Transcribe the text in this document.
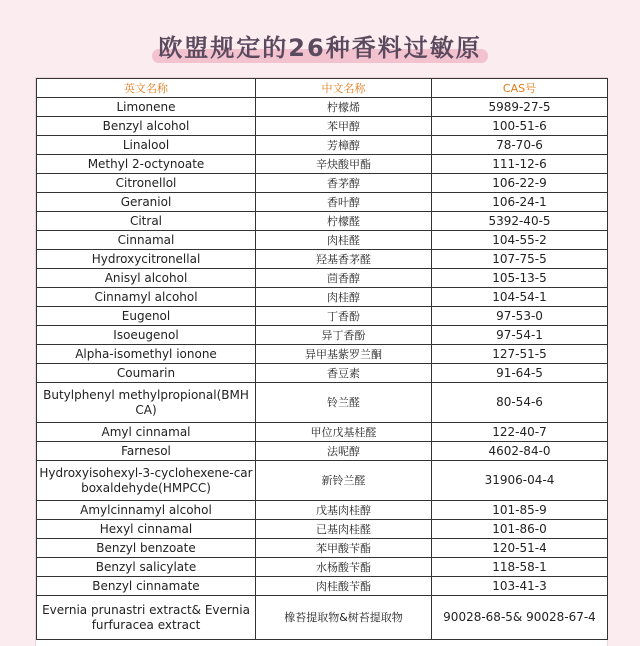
欧盟规定的26种香料过敏原
英文名称	中文名称	CAS号
Limonene	柠檬烯	5989-27-5
Benzyl alcohol	苯甲醇	100-51-6
Linalool	芳樟醇	78-70-6
Methyl 2-octynoate	辛炔酸甲酯	111-12-6
Citronellol	香茅醇	106-22-9
Geraniol	香叶醇	106-24-1
Citral	柠檬醛	5392-40-5
Cinnamal	肉桂醛	104-55-2
Hydroxycitronellal	羟基香茅醛	107-75-5
Anisyl alcohol	茴香醇	105-13-5
Cinnamyl alcohol	肉桂醇	104-54-1
Eugenol	丁香酚	97-53-0
Isoeugenol	异丁香酚	97-54-1
Alpha-isomethyl ionone	异甲基紫罗兰酮	127-51-5
Coumarin	香豆素	91-64-5
Butylphenyl methylpropional(BMHCA)	铃兰醛	80-54-6
Amyl cinnamal	甲位戊基桂醛	122-40-7
Farnesol	法呢醇	4602-84-0
Hydroxyisohexyl-3-cyclohexene-carboxaldehyde(HMPCC)	新铃兰醛	31906-04-4
Amylcinnamyl alcohol	戊基肉桂醇	101-85-9
Hexyl cinnamal	已基肉桂醛	101-86-0
Benzyl benzoate	苯甲酸苄酯	120-51-4
Benzyl salicylate	水杨酸苄酯	118-58-1
Benzyl cinnamate	肉桂酸苄酯	103-41-3
Evernia prunastri extract& Evernia furfuracea extract	橡苔提取物&树苔提取物	90028-68-5& 90028-67-4
